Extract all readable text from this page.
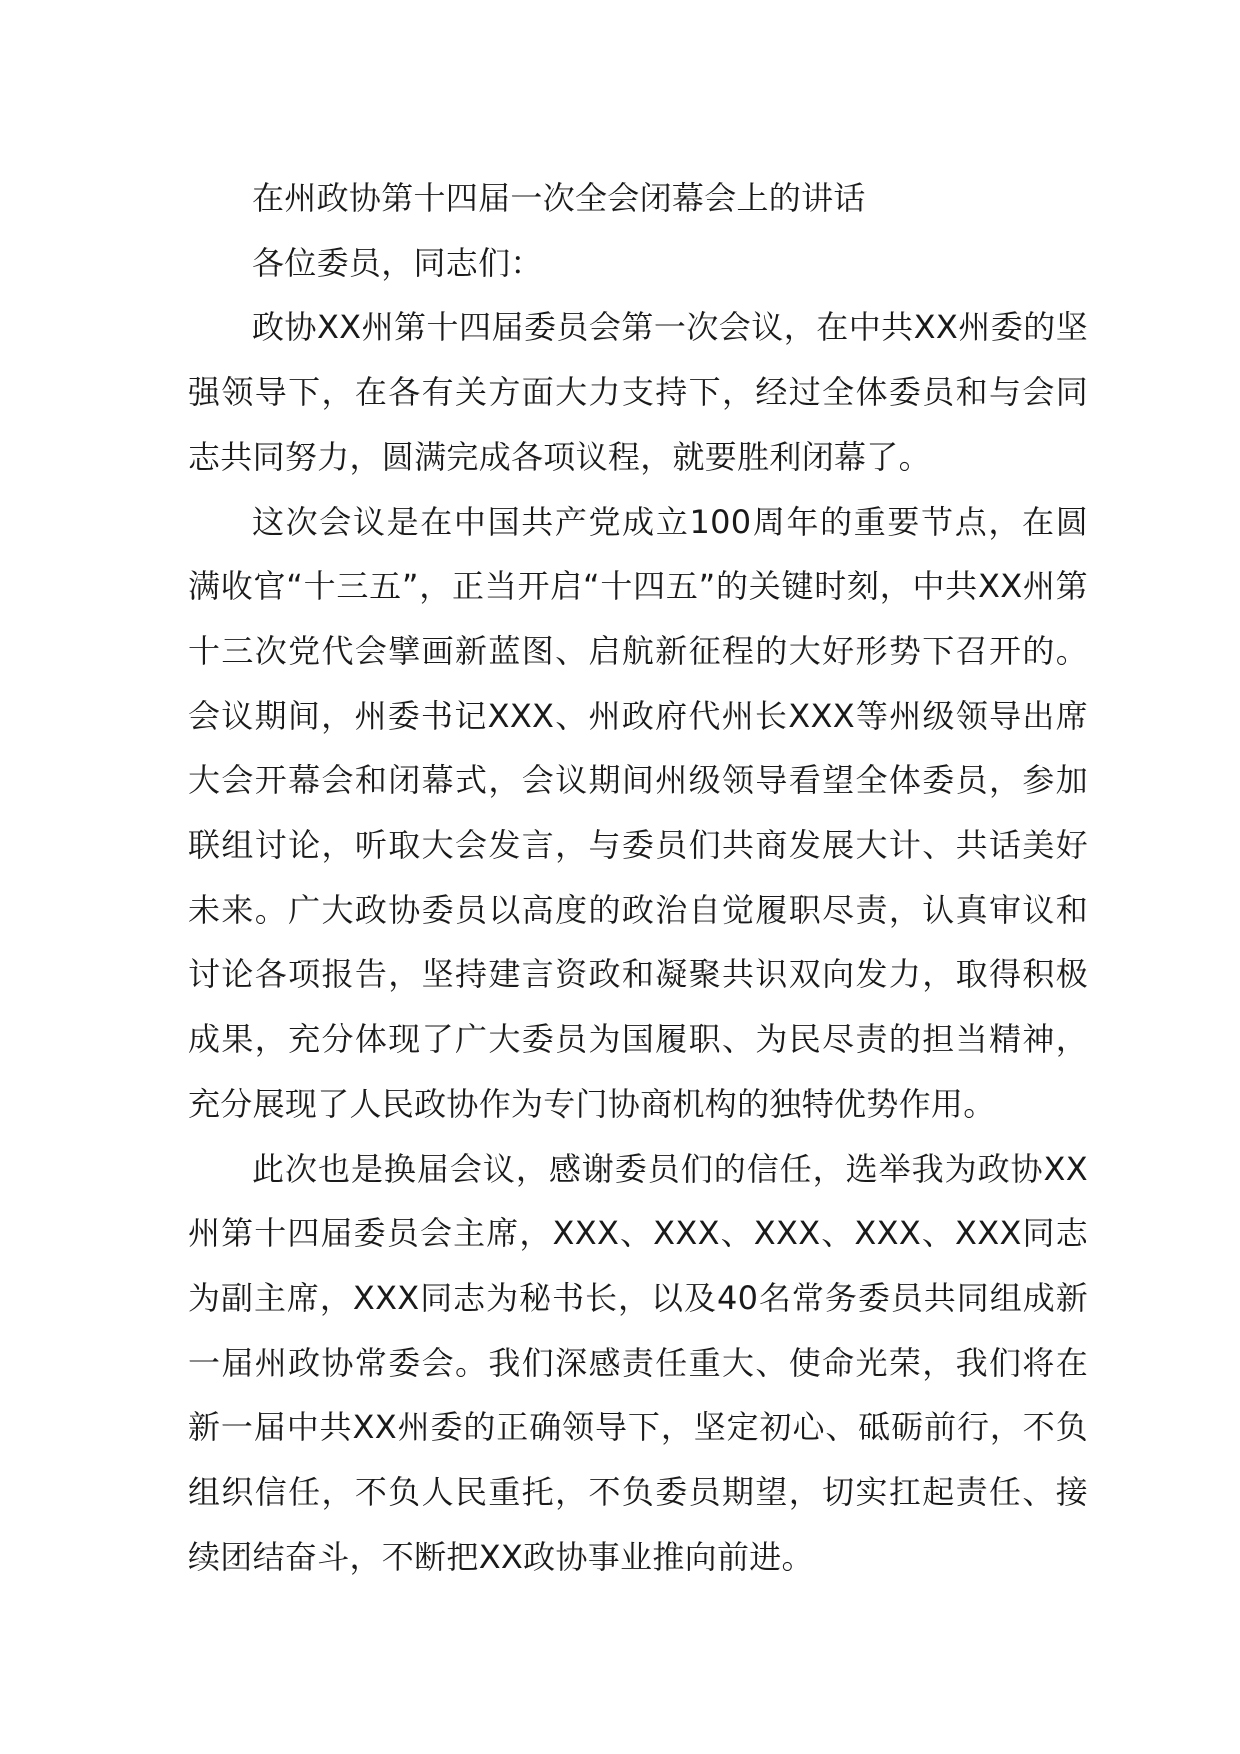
在州政协第十四届一次全会闭幕会上的讲话

各位委员，同志们：

政协XX州第十四届委员会第一次会议，在中共XX州委的坚强领导下，在各有关方面大力支持下，经过全体委员和与会同志共同努力，圆满完成各项议程，就要胜利闭幕了。

这次会议是在中国共产党成立100周年的重要节点，在圆满收官“十三五”，正当开启“十四五”的关键时刻，中共XX州第十三次党代会擘画新蓝图、启航新征程的大好形势下召开的。会议期间，州委书记XXX、州政府代州长XXX等州级领导出席大会开幕会和闭幕式，会议期间州级领导看望全体委员，参加联组讨论，听取大会发言，与委员们共商发展大计、共话美好未来。广大政协委员以高度的政治自觉履职尽责，认真审议和讨论各项报告，坚持建言资政和凝聚共识双向发力，取得积极成果，充分体现了广大委员为国履职、为民尽责的担当精神，充分展现了人民政协作为专门协商机构的独特优势作用。

此次也是换届会议，感谢委员们的信任，选举我为政协XX州第十四届委员会主席，XXX、XXX、XXX、XXX、XXX同志为副主席，XXX同志为秘书长，以及40名常务委员共同组成新一届州政协常委会。我们深感责任重大、使命光荣，我们将在新一届中共XX州委的正确领导下，坚定初心、砥砺前行，不负组织信任，不负人民重托，不负委员期望，切实扛起责任、接续团结奋斗，不断把XX政协事业推向前进。
